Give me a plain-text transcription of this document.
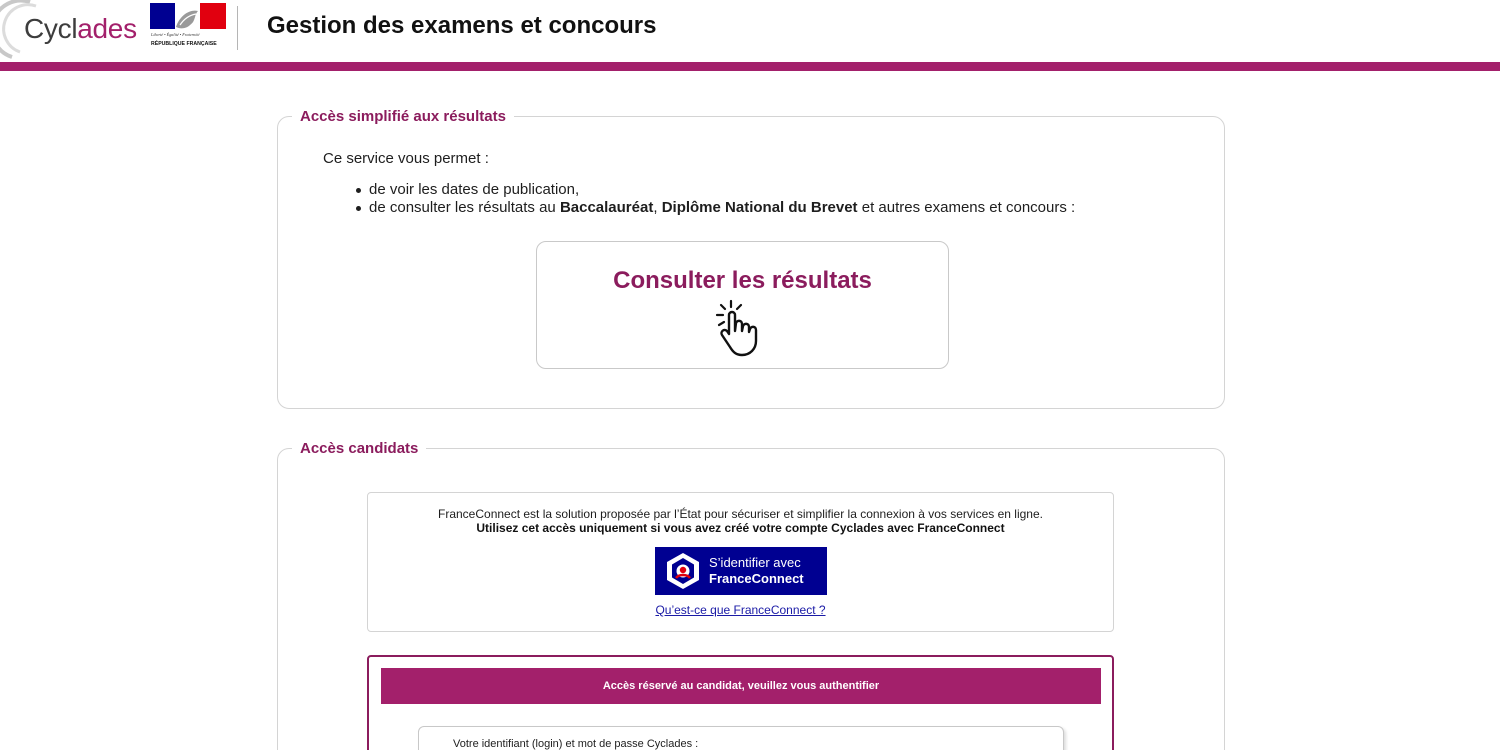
Cyclades	Liberté • Égalité • Fraternité
RÉPUBLIQUE FRANÇAISE
Gestion des examens et concours
Accès simplifié aux résultats
Ce service vous permet :
de voir les dates de publication,
de consulter les résultats au Baccalauréat, Diplôme National du Brevet et autres examens et concours :
Consulter les résultats
Accès candidats
FranceConnect est la solution proposée par l’État pour sécuriser et simplifier la connexion à vos services en ligne.
Utilisez cet accès uniquement si vous avez créé votre compte Cyclades avec FranceConnect
S’identifier avec
FranceConnect
Qu’est-ce que FranceConnect ?
Accès réservé au candidat, veuillez vous authentifier
Votre identifiant (login) et mot de passe Cyclades :
